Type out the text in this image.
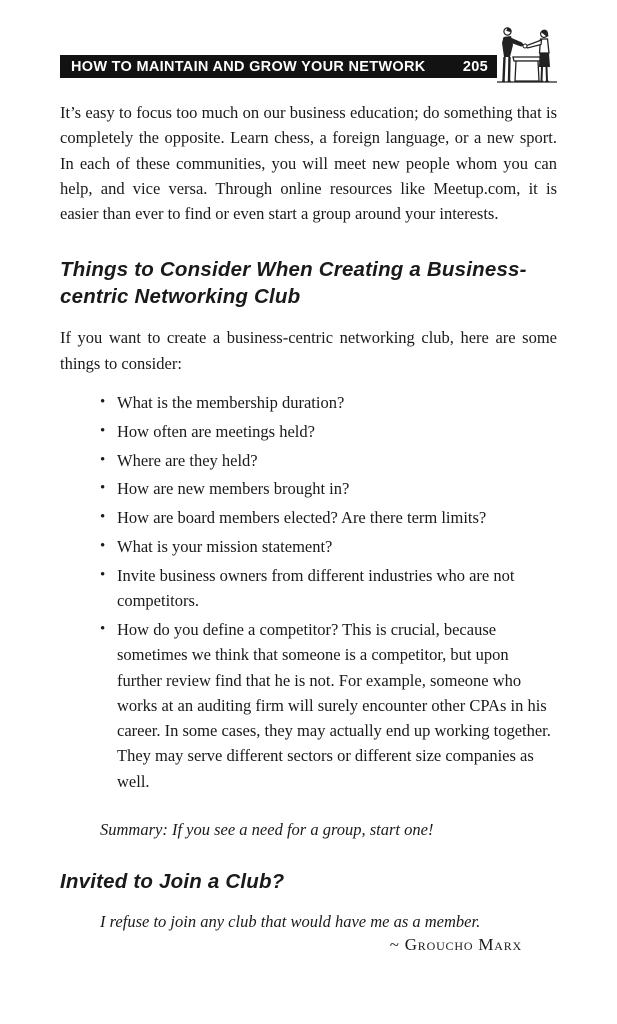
HOW TO MAINTAIN AND GROW YOUR NETWORK	205

It’s easy to focus too much on our business education; do something that is completely the opposite. Learn chess, a foreign language, or a new sport. In each of these communities, you will meet new people whom you can help, and vice versa. Through online resources like Meetup.com, it is easier than ever to find or even start a group around your interests.

Things to Consider When Creating a Business-centric Networking Club

If you want to create a business-centric networking club, here are some things to consider:

• What is the membership duration?
• How often are meetings held?
• Where are they held?
• How are new members brought in?
• How are board members elected? Are there term limits?
• What is your mission statement?
• Invite business owners from different industries who are not competitors.
• How do you define a competitor? This is crucial, because sometimes we think that someone is a competitor, but upon further review find that he is not. For example, someone who works at an auditing firm will surely encounter other CPAs in his career. In some cases, they may actually end up working together. They may serve different sectors or different size companies as well.

Summary: If you see a need for a group, start one!

Invited to Join a Club?

I refuse to join any club that would have me as a member.

~ Groucho Marx
